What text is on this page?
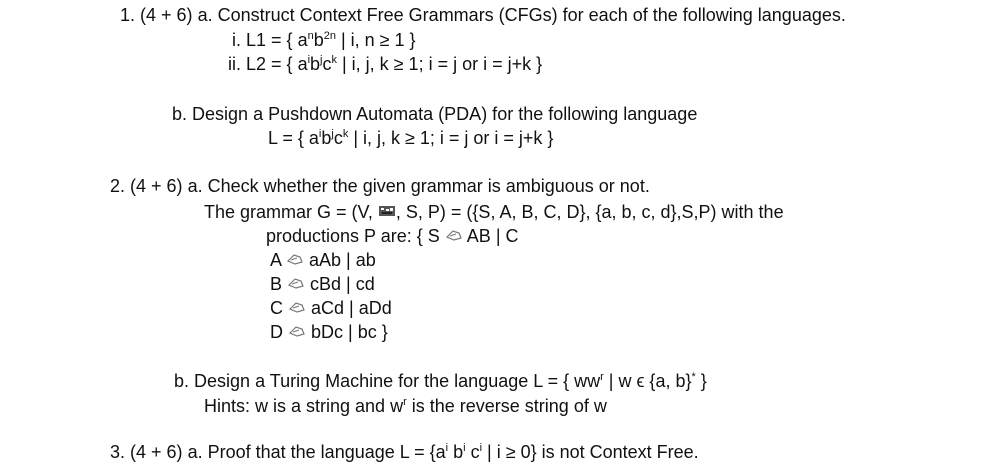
1. (4 + 6) a. Construct Context Free Grammars (CFGs) for each of the following languages.
i. L1 = { $a^nb^{2n}$ | i, n ≥ 1 }
ii. L2 = { $a^ib^jc^k$ | i, j, k ≥ 1; i = j or i = j+k }
b. Design a Pushdown Automata (PDA) for the following language
L = { $a^ib^jc^k$ | i, j, k ≥ 1; i = j or i = j+k }
2. (4 + 6) a. Check whether the given grammar is ambiguous or not.
The grammar G = (V, , S, P) = ({S, A, B, C, D}, {a, b, c, d},S,P) with the
productions P are: { S
AB | C
A
aAb | ab
B
cBd | cd
C
aCd | aDd
D
bDc | bc }
b. Design a Turing Machine for the language L = { $ww^r$ | w ϵ {a, b}* }
Hints: w is a string and $w^r$ is the reverse string of w
3. (4 + 6) a. Proof that the language $L = \{a^i$ $b^i$ $c^i$ | i ≥ 0} is not Context Free.
